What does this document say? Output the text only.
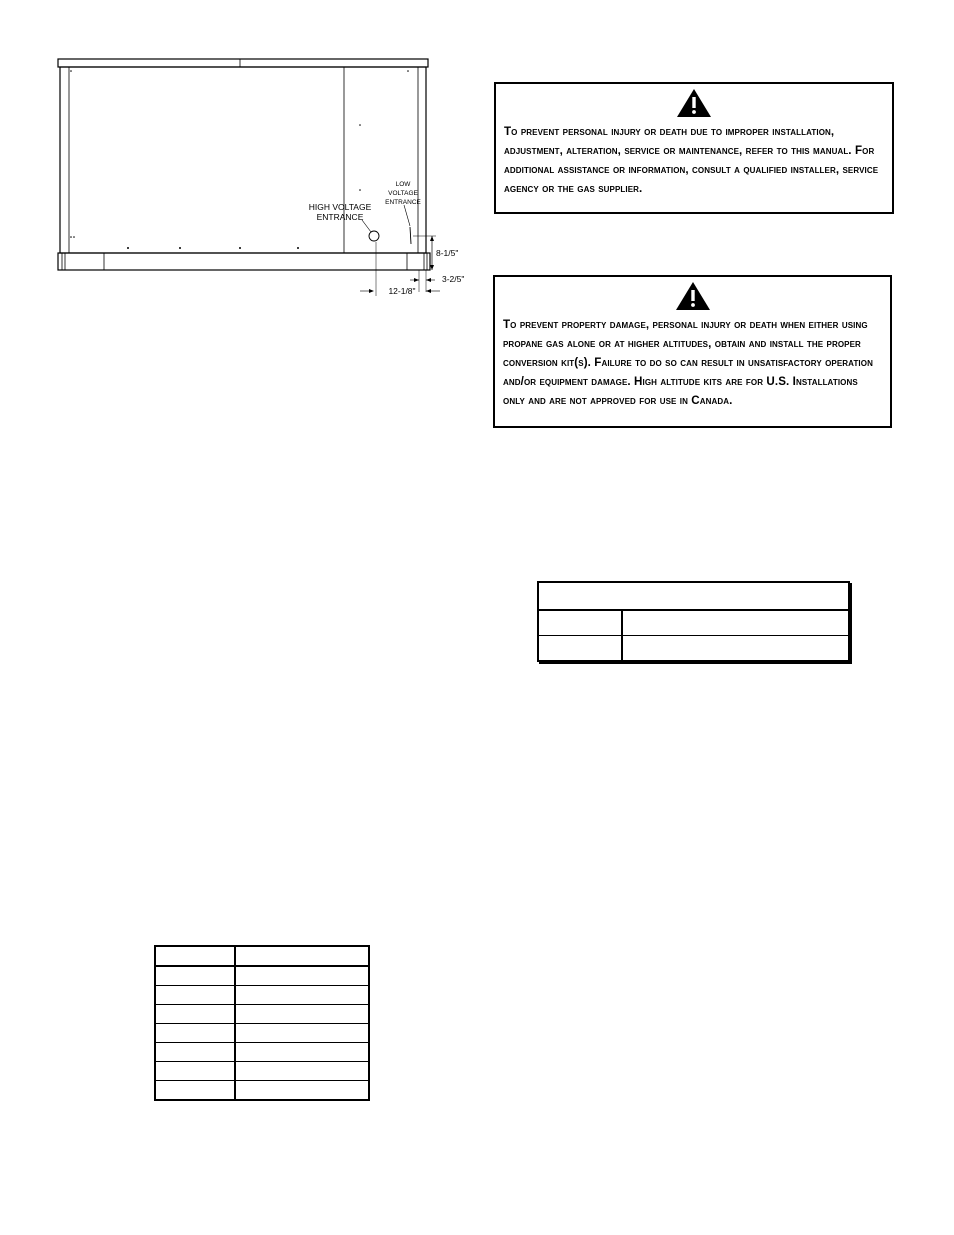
HIGH VOLTAGE
ENTRANCE
LOW
VOLTAGE
ENTRANCE
8-1/5"
3-2/5"
12-1/8"
To prevent personal injury or death due to improper installation, adjustment, alteration, service or maintenance, refer to this manual. For additional assistance or information, consult a qualified installer, service agency or the gas supplier.
To prevent property damage, personal injury or death when either using propane gas alone or at higher altitudes, obtain and install the proper conversion kit(s). Failure to do so can result in unsatisfactory operation and/or equipment damage. High altitude kits are for U.S. Installations only and are not approved for use in Canada.
